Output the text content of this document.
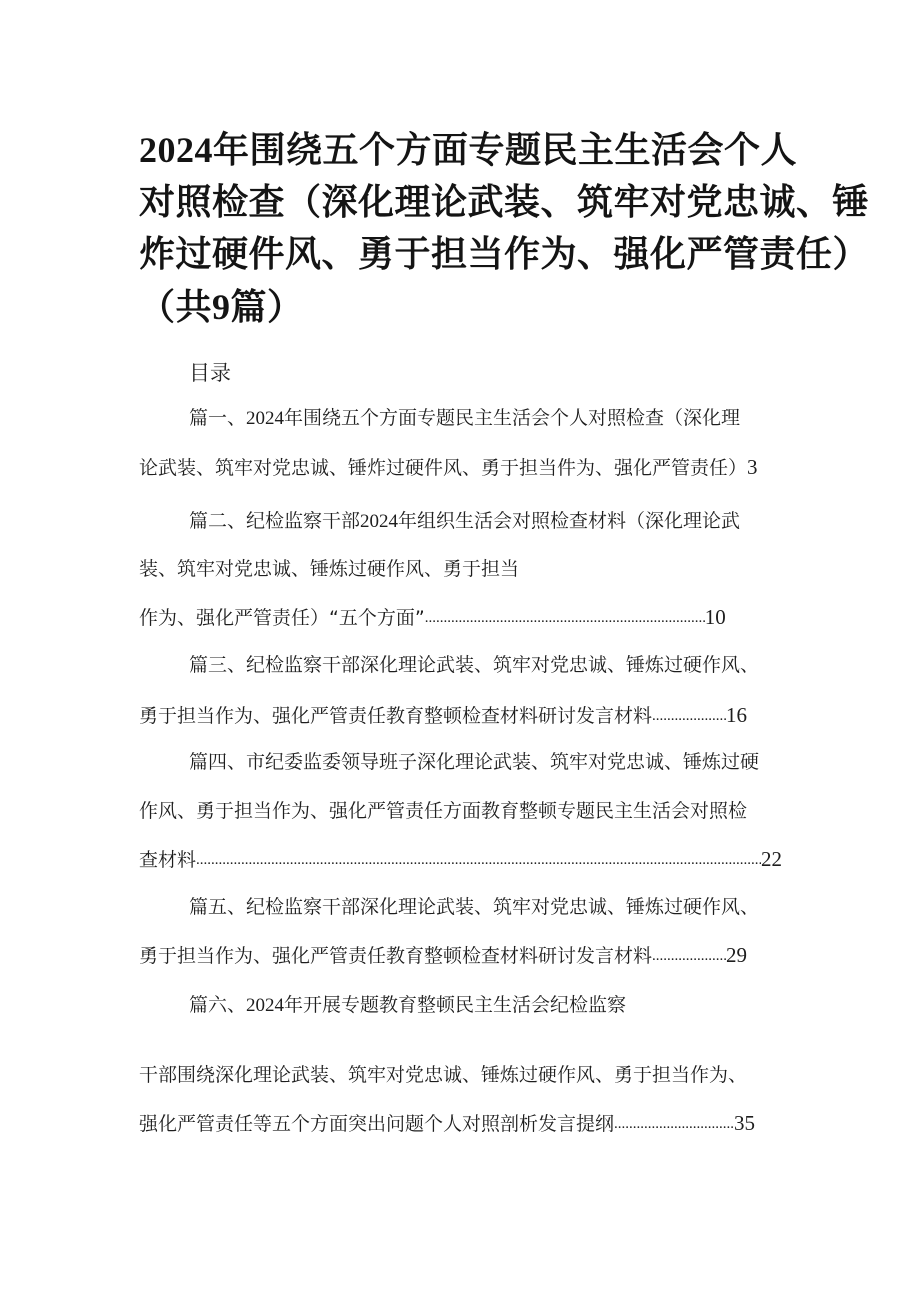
2024年围绕五个方面专题民主生活会个人
对照检查（深化理论武装、筑牢对党忠诚、锤
炸过硬件风、勇于担当作为、强化严管责任）
（共9篇）
目录
篇一、2024年围绕五个方面专题民主生活会个人对照检查（深化理
论武装、筑牢对党忠诚、锤炸过硬件风、勇于担当件为、强化严管责任）3
篇二、纪检监察干部2024年组织生活会对照检查材料（深化理论武
装、筑牢对党忠诚、锤炼过硬作风、勇于担当
作为、强化严管责任）“五个方面” .....	10
篇三、纪检监察干部深化理论武装、筑牢对党忠诚、锤炼过硬作风、
勇于担当作为、强化严管责任教育整顿检查材料研讨发言材料 .....	16
篇四、市纪委监委领导班子深化理论武装、筑牢对党忠诚、锤炼过硬
作风、勇于担当作为、强化严管责任方面教育整顿专题民主生活会对照检
查材料 .....	22
篇五、纪检监察干部深化理论武装、筑牢对党忠诚、锤炼过硬作风、
勇于担当作为、强化严管责任教育整顿检查材料研讨发言材料 .....	29
篇六、2024年开展专题教育整顿民主生活会纪检监察
干部围绕深化理论武装、筑牢对党忠诚、锤炼过硬作风、勇于担当作为、
强化严管责任等五个方面突出问题个人对照剖析发言提纲 .....	35
